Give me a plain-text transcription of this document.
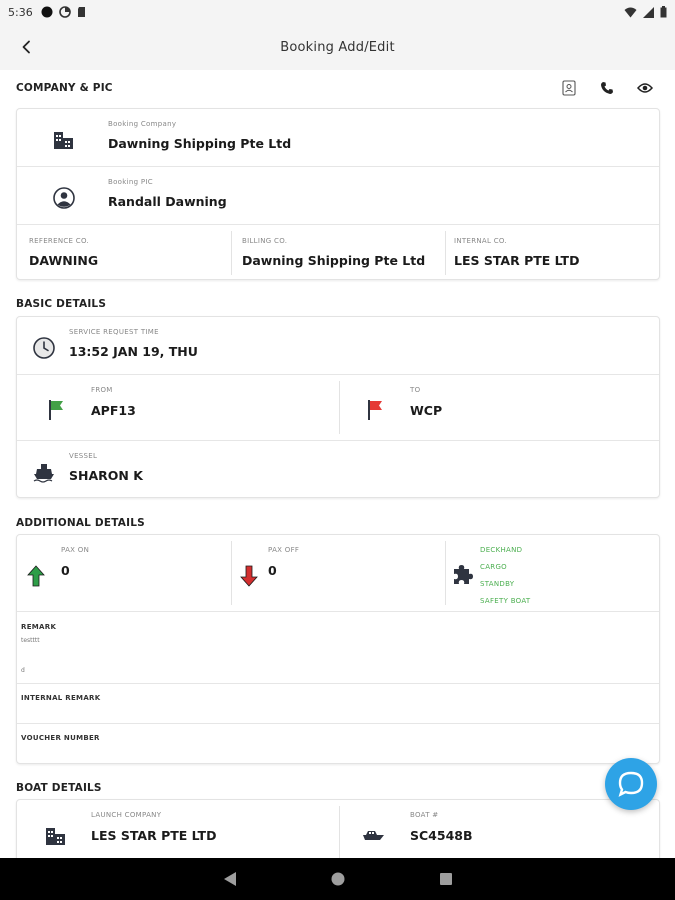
5:36
Booking Add/Edit
COMPANY & PIC
Booking Company
Dawning Shipping Pte Ltd
Booking PIC
Randall Dawning
REFERENCE CO.
DAWNING
BILLING CO.
Dawning Shipping Pte Ltd
INTERNAL CO.
LES STAR PTE LTD
BASIC DETAILS
SERVICE REQUEST TIME
13:52 JAN 19, THU
FROM
APF13
TO
WCP
VESSEL
SHARON K
ADDITIONAL DETAILS
PAX ON
0
PAX OFF
0
DECKHAND
CARGO
STANDBY
SAFETY BOAT
REMARK
testttt
d
INTERNAL REMARK
VOUCHER NUMBER
BOAT DETAILS
LAUNCH COMPANY
LES STAR PTE LTD
BOAT #
SC4548B
